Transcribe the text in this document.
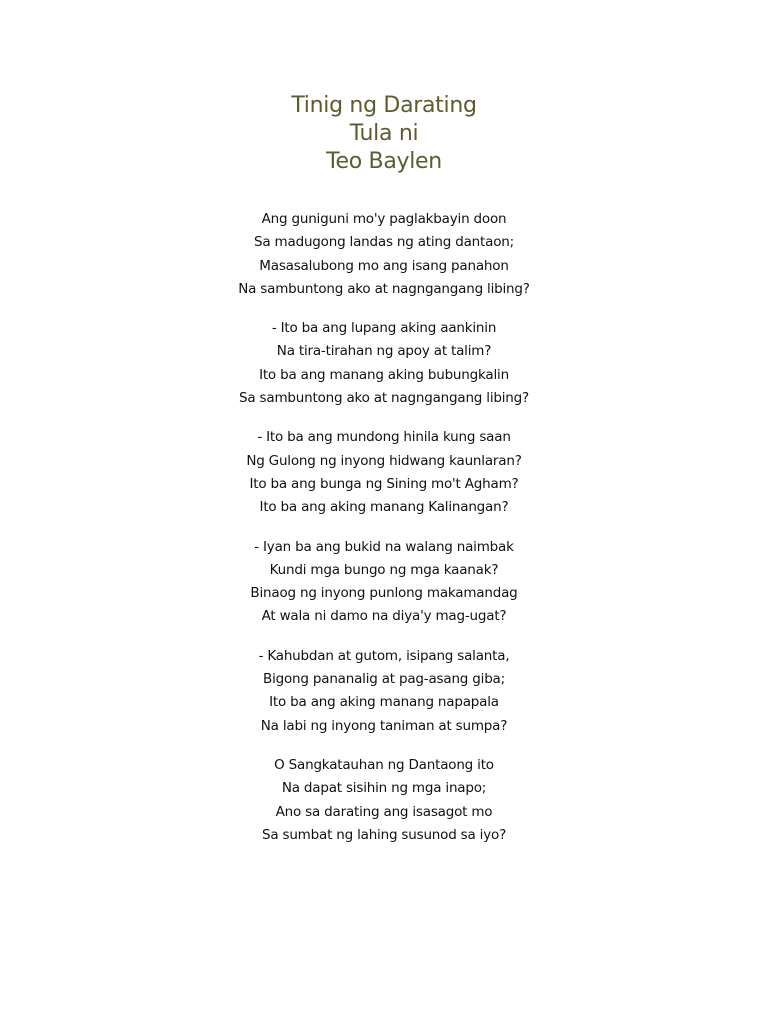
Tinig ng Darating
Tula ni
Teo Baylen
Ang guniguni mo'y paglakbayin doon
Sa madugong landas ng ating dantaon;
Masasalubong mo ang isang panahon
Na sambuntong ako at nagngangang libing?
- Ito ba ang lupang aking aankinin
Na tira-tirahan ng apoy at talim?
Ito ba ang manang aking bubungkalin
Sa sambuntong ako at nagngangang libing?
- Ito ba ang mundong hinila kung saan
Ng Gulong ng inyong hidwang kaunlaran?
Ito ba ang bunga ng Sining mo't Agham?
Ito ba ang aking manang Kalinangan?
- Iyan ba ang bukid na walang naimbak
Kundi mga bungo ng mga kaanak?
Binaog ng inyong punlong makamandag
At wala ni damo na diya'y mag-ugat?
- Kahubdan at gutom, isipang salanta,
Bigong pananalig at pag-asang giba;
Ito ba ang aking manang napapala
Na labi ng inyong taniman at sumpa?
O Sangkatauhan ng Dantaong ito
Na dapat sisihin ng mga inapo;
Ano sa darating ang isasagot mo
Sa sumbat ng lahing susunod sa iyo?
